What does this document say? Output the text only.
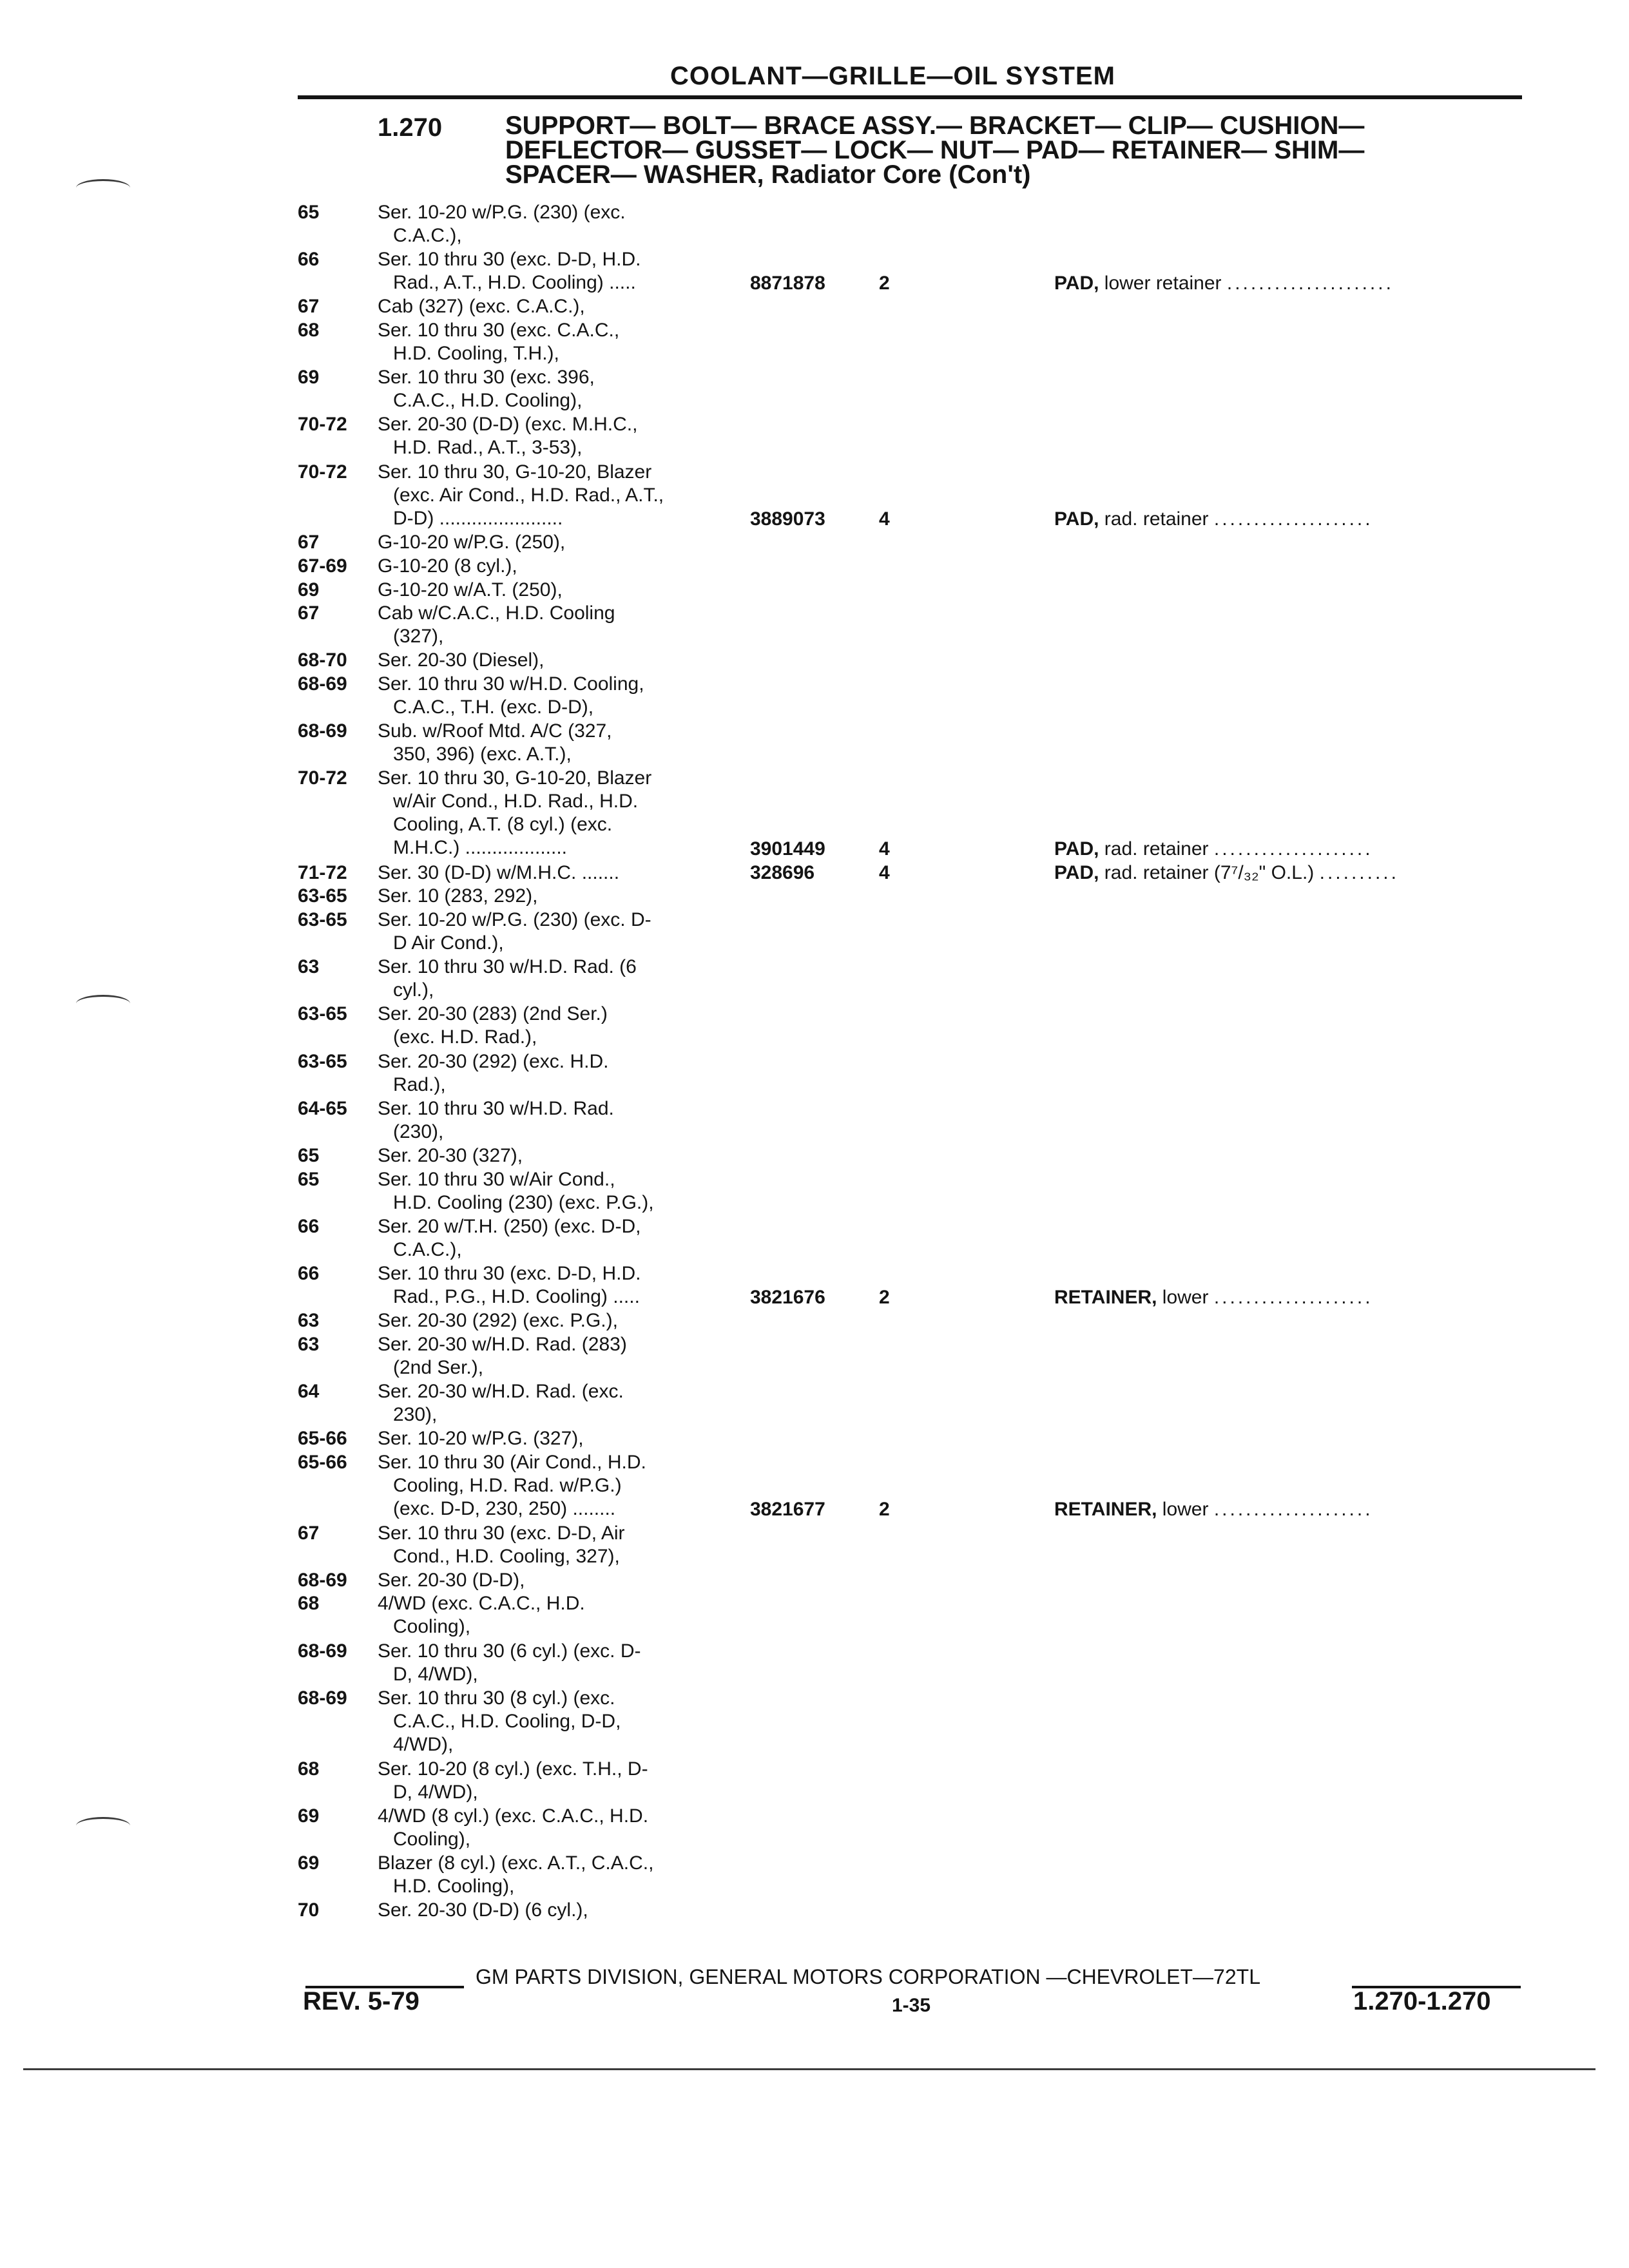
COOLANT—GRILLE—OIL SYSTEM
1.270 SUPPORT— BOLT— BRACE ASSY.— BRACKET— CLIP— CUSHION—
DEFLECTOR— GUSSET— LOCK— NUT— PAD— RETAINER— SHIM—
SPACER— WASHER, Radiator Core (Con't)
65	Ser. 10-20 w/P.G. (230) (exc.
C.A.C.),
66	Ser. 10 thru 30 (exc. D-D, H.D.
Rad., A.T., H.D. Cooling) .....	8871878	2	PAD, lower retainer .....................
67	Cab (327) (exc. C.A.C.),
68	Ser. 10 thru 30 (exc. C.A.C.,
H.D. Cooling, T.H.),
69	Ser. 10 thru 30 (exc. 396,
C.A.C., H.D. Cooling),
70-72 Ser. 20-30 (D-D) (exc. M.H.C.,
H.D. Rad., A.T., 3-53),
70-72 Ser. 10 thru 30, G-10-20, Blazer
(exc. Air Cond., H.D. Rad., A.T.,
D-D) .......................	3889073	4	PAD, rad. retainer ....................
67	G-10-20 w/P.G. (250),
67-69 G-10-20 (8 cyl.),
69	G-10-20 w/A.T. (250),
67	Cab w/C.A.C., H.D. Cooling
(327),
68-70 Ser. 20-30 (Diesel),
68-69 Ser. 10 thru 30 w/H.D. Cooling,
C.A.C., T.H. (exc. D-D),
68-69 Sub. w/Roof Mtd. A/C (327,
350, 396) (exc. A.T.),
70-72 Ser. 10 thru 30, G-10-20, Blazer
w/Air Cond., H.D. Rad., H.D.
Cooling, A.T. (8 cyl.) (exc.
M.H.C.) ...................	3901449	4	PAD, rad. retainer ....................
71-72 Ser. 30 (D-D) w/M.H.C. .......	328696	4	PAD, rad. retainer (7⁷/₃₂" O.L.) ..........
63-65 Ser. 10 (283, 292),
63-65 Ser. 10-20 w/P.G. (230) (exc. D-
D Air Cond.),
63	Ser. 10 thru 30 w/H.D. Rad. (6
cyl.),
63-65 Ser. 20-30 (283) (2nd Ser.)
(exc. H.D. Rad.),
63-65 Ser. 20-30 (292) (exc. H.D.
Rad.),
64-65 Ser. 10 thru 30 w/H.D. Rad.
(230),
65	Ser. 20-30 (327),
65	Ser. 10 thru 30 w/Air Cond.,
H.D. Cooling (230) (exc. P.G.),
66	Ser. 20 w/T.H. (250) (exc. D-D,
C.A.C.),
66	Ser. 10 thru 30 (exc. D-D, H.D.
Rad., P.G., H.D. Cooling) .....	3821676	2	RETAINER, lower ....................
63	Ser. 20-30 (292) (exc. P.G.),
63	Ser. 20-30 w/H.D. Rad. (283)
(2nd Ser.),
64	Ser. 20-30 w/H.D. Rad. (exc.
230),
65-66 Ser. 10-20 w/P.G. (327),
65-66 Ser. 10 thru 30 (Air Cond., H.D.
Cooling, H.D. Rad. w/P.G.)
(exc. D-D, 230, 250) ........	3821677	2	RETAINER, lower ....................
67	Ser. 10 thru 30 (exc. D-D, Air
Cond., H.D. Cooling, 327),
68-69 Ser. 20-30 (D-D),
68	4/WD (exc. C.A.C., H.D.
Cooling),
68-69 Ser. 10 thru 30 (6 cyl.) (exc. D-
D, 4/WD),
68-69 Ser. 10 thru 30 (8 cyl.) (exc.
C.A.C., H.D. Cooling, D-D,
4/WD),
68	Ser. 10-20 (8 cyl.) (exc. T.H., D-
D, 4/WD),
69	4/WD (8 cyl.) (exc. C.A.C., H.D.
Cooling),
69	Blazer (8 cyl.) (exc. A.T., C.A.C.,
H.D. Cooling),
70	Ser. 20-30 (D-D) (6 cyl.),
GM PARTS DIVISION, GENERAL MOTORS CORPORATION —CHEVROLET—72TL
REV. 5-79	1-35	1.270-1.270
